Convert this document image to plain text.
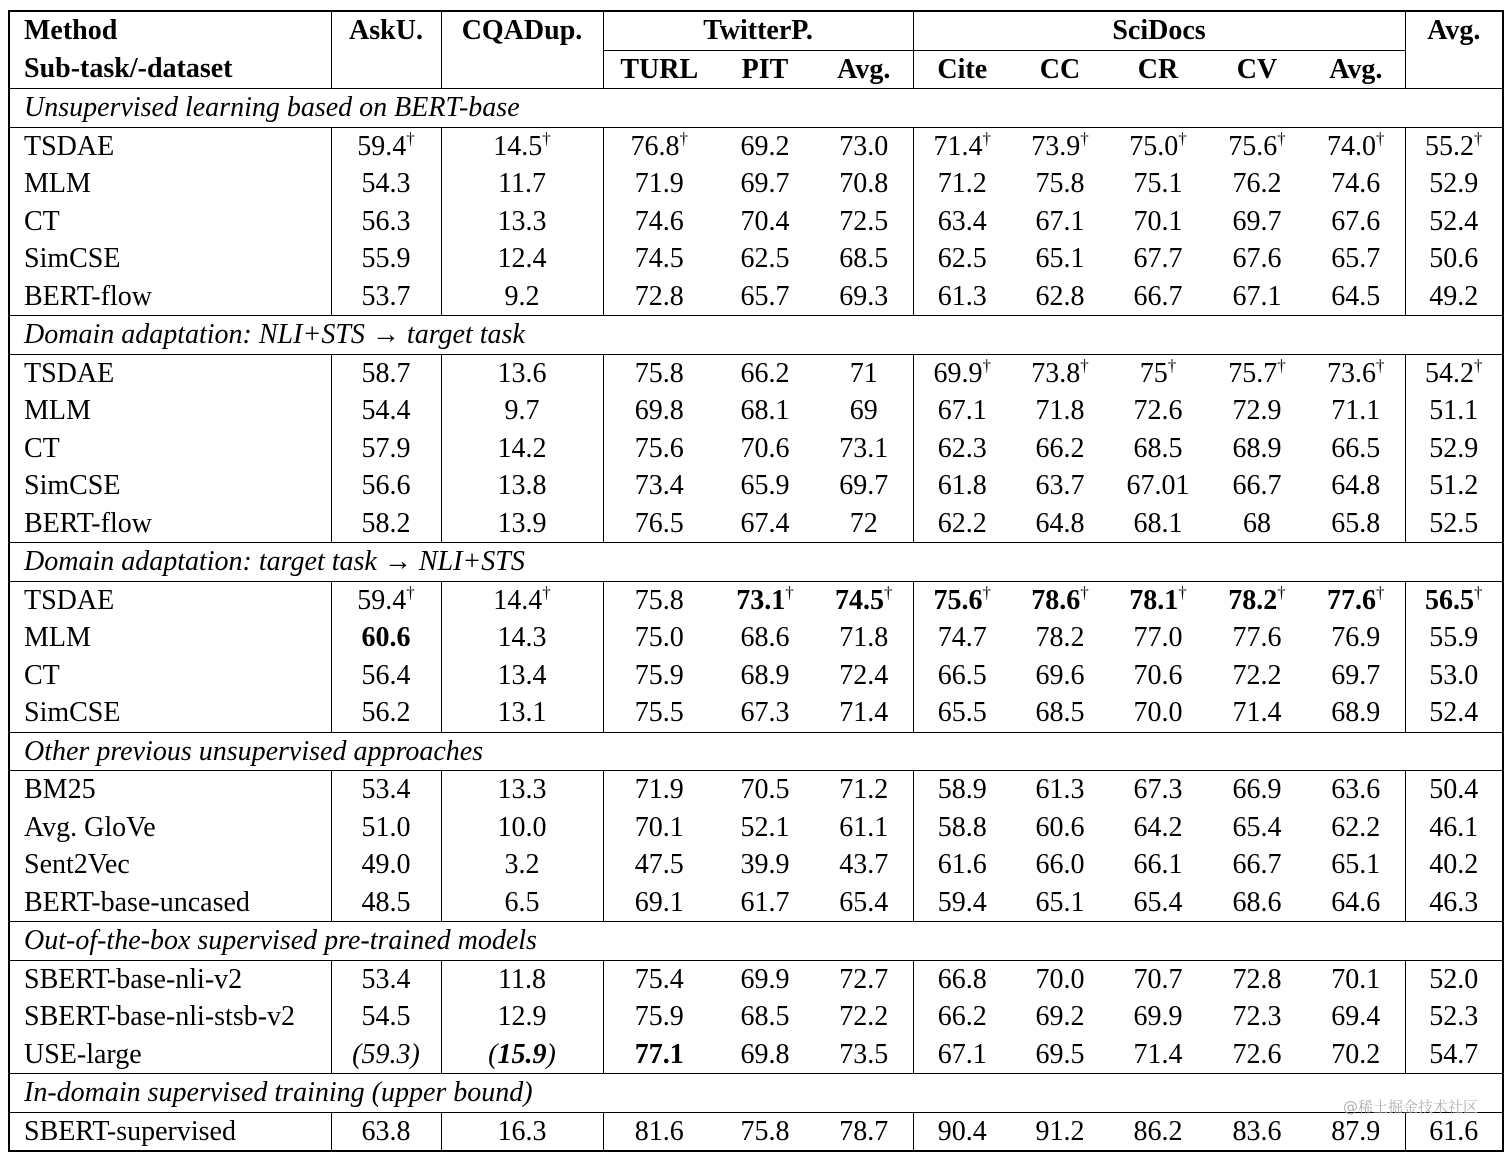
Method	AskU.	CQADup.	TwitterP.			SciDocs					Avg.
Sub-task/-dataset			TURL	PIT	Avg.	Cite	CC	CR	CV	Avg.	
Unsupervised learning based on BERT-base											
TSDAE	59.4†	14.5†	76.8†	69.2	73.0	71.4†	73.9†	75.0†	75.6†	74.0†	55.2†
MLM	54.3	11.7	71.9	69.7	70.8	71.2	75.8	75.1	76.2	74.6	52.9
CT	56.3	13.3	74.6	70.4	72.5	63.4	67.1	70.1	69.7	67.6	52.4
SimCSE	55.9	12.4	74.5	62.5	68.5	62.5	65.1	67.7	67.6	65.7	50.6
BERT-flow	53.7	9.2	72.8	65.7	69.3	61.3	62.8	66.7	67.1	64.5	49.2
Domain adaptation: NLI+STS → target task											
TSDAE	58.7	13.6	75.8	66.2	71	69.9†	73.8†	75†	75.7†	73.6†	54.2†
MLM	54.4	9.7	69.8	68.1	69	67.1	71.8	72.6	72.9	71.1	51.1
CT	57.9	14.2	75.6	70.6	73.1	62.3	66.2	68.5	68.9	66.5	52.9
SimCSE	56.6	13.8	73.4	65.9	69.7	61.8	63.7	67.01	66.7	64.8	51.2
BERT-flow	58.2	13.9	76.5	67.4	72	62.2	64.8	68.1	68	65.8	52.5
Domain adaptation: target task → NLI+STS											
TSDAE	59.4†	14.4†	75.8	73.1†	74.5†	75.6†	78.6†	78.1†	78.2†	77.6†	56.5†
MLM	60.6	14.3	75.0	68.6	71.8	74.7	78.2	77.0	77.6	76.9	55.9
CT	56.4	13.4	75.9	68.9	72.4	66.5	69.6	70.6	72.2	69.7	53.0
SimCSE	56.2	13.1	75.5	67.3	71.4	65.5	68.5	70.0	71.4	68.9	52.4
Other previous unsupervised approaches											
BM25	53.4	13.3	71.9	70.5	71.2	58.9	61.3	67.3	66.9	63.6	50.4
Avg. GloVe	51.0	10.0	70.1	52.1	61.1	58.8	60.6	64.2	65.4	62.2	46.1
Sent2Vec	49.0	3.2	47.5	39.9	43.7	61.6	66.0	66.1	66.7	65.1	40.2
BERT-base-uncased	48.5	6.5	69.1	61.7	65.4	59.4	65.1	65.4	68.6	64.6	46.3
Out-of-the-box supervised pre-trained models											
SBERT-base-nli-v2	53.4	11.8	75.4	69.9	72.7	66.8	70.0	70.7	72.8	70.1	52.0
SBERT-base-nli-stsb-v2	54.5	12.9	75.9	68.5	72.2	66.2	69.2	69.9	72.3	69.4	52.3
USE-large	(59.3)	(15.9)	77.1	69.8	73.5	67.1	69.5	71.4	72.6	70.2	54.7
In-domain supervised training (upper bound)											
SBERT-supervised	63.8	16.3	81.6	75.8	78.7	90.4	91.2	86.2	83.6	87.9	61.6
@稀土掘金技术社区
